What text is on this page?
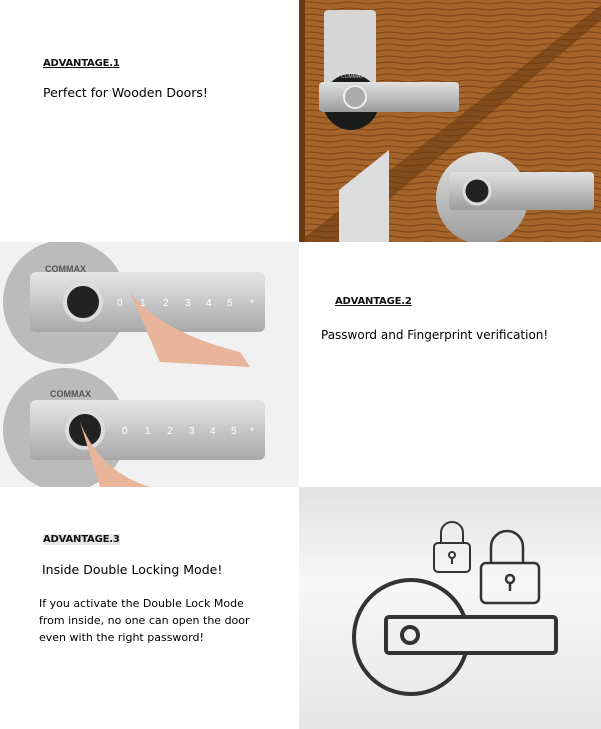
ADVANTAGE.1
Perfect for Wooden Doors!
COMMAX
COMMAX
COMMAX
0 1 2 3 4 5 *
0 1 2 3 4 5 *
ADVANTAGE.2
Password and Fingerprint verification!
ADVANTAGE.3
Inside Double Locking Mode!
If you activate the Double Lock Mode from inside, no one can open the door even with the right password!
